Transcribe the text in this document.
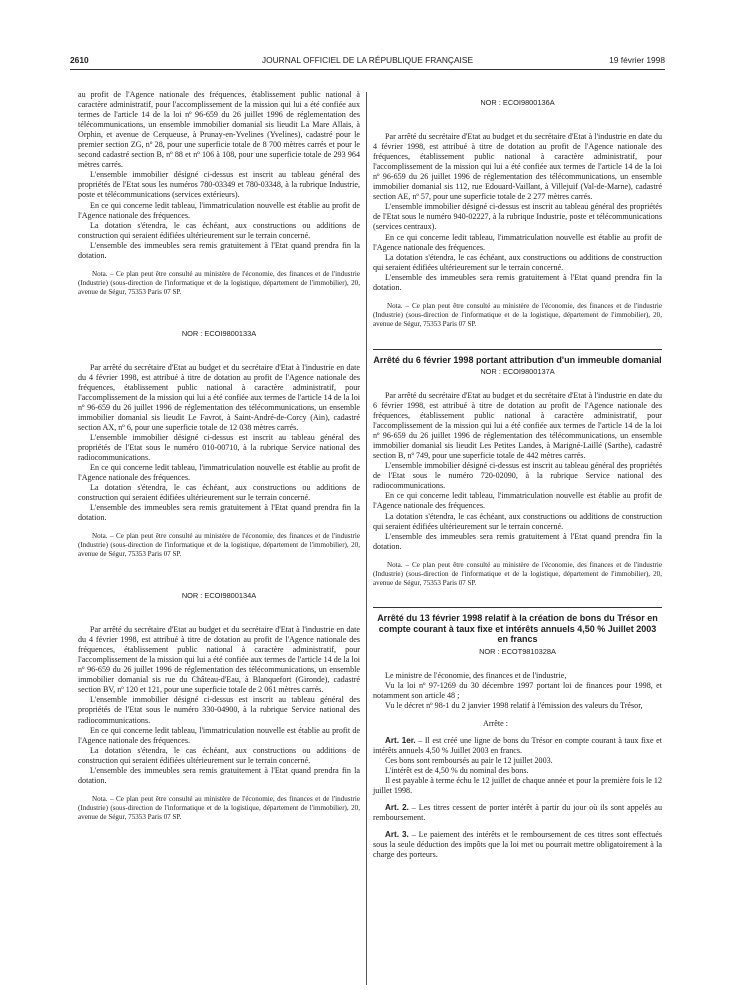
2610	JOURNAL OFFICIEL DE LA RÉPUBLIQUE FRANÇAISE	19 février 1998

au profit de l'Agence nationale des fréquences, établissement public national à caractère administratif, pour l'accomplissement de la mission qui lui a été confiée aux termes de l'article 14 de la loi nº 96-659 du 26 juillet 1996 de réglementation des télécommunications, un ensemble immobilier domanial sis lieudit La Mare Allais, à Orphin, et avenue de Cerqueuse, à Prunay-en-Yvelines (Yvelines), cadastré pour le premier section ZG, nº 28, pour une superficie totale de 8 700 mètres carrés et pour le second cadastré section B, nº 88 et nº 106 à 108, pour une superficie totale de 293 964 mètres carrés.

L'ensemble immobilier désigné ci-dessus est inscrit au tableau général des propriétés de l'Etat sous les numéros 780-03349 et 780-03348, à la rubrique Industrie, poste et télécommunications (services extérieurs).

En ce qui concerne ledit tableau, l'immatriculation nouvelle est établie au profit de l'Agence nationale des fréquences.

La dotation s'étendra, le cas échéant, aux constructions ou additions de construction qui seraient édifiées ultérieurement sur le terrain concerné.

L'ensemble des immeubles sera remis gratuitement à l'Etat quand prendra fin la dotation.

Nota. – Ce plan peut être consulté au ministère de l'économie, des finances et de l'industrie (Industrie) (sous-direction de l'informatique et de la logistique, département de l'immobilier), 20, avenue de Ségur, 75353 Paris 07 SP.

NOR : ECOI9800133A

Par arrêté du secrétaire d'Etat au budget et du secrétaire d'Etat à l'industrie en date du 4 février 1998, est attribué à titre de dotation au profit de l'Agence nationale des fréquences, établissement public national à caractère administratif, pour l'accomplissement de la mission qui lui a été confiée aux termes de l'article 14 de la loi nº 96-659 du 26 juillet 1996 de réglementation des télécommunications, un ensemble immobilier domanial sis lieudit Le Favrot, à Saint-André-de-Corcy (Ain), cadastré section AX, nº 6, pour une superficie totale de 12 038 mètres carrés.

L'ensemble immobilier désigné ci-dessus est inscrit au tableau général des propriétés de l'Etat sous le numéro 010-00710, à la rubrique Service national des radiocommunications.

En ce qui concerne ledit tableau, l'immatriculation nouvelle est établie au profit de l'Agence nationale des fréquences.

La dotation s'étendra, le cas échéant, aux constructions ou additions de construction qui seraient édifiées ultérieurement sur le terrain concerné.

L'ensemble des immeubles sera remis gratuitement à l'Etat quand prendra fin la dotation.

Nota. – Ce plan peut être consulté au ministère de l'économie, des finances et de l'industrie (Industrie) (sous-direction de l'informatique et de la logistique, département de l'immobilier), 20, avenue de Ségur, 75353 Paris 07 SP.

NOR : ECOI9800134A

Par arrêté du secrétaire d'Etat au budget et du secrétaire d'Etat à l'industrie en date du 4 février 1998, est attribué à titre de dotation au profit de l'Agence nationale des fréquences, établissement public national à caractère administratif, pour l'accomplissement de la mission qui lui a été confiée aux termes de l'article 14 de la loi nº 96-659 du 26 juillet 1996 de réglementation des télécommunications, un ensemble immobilier domanial sis rue du Château-d'Eau, à Blanquefort (Gironde), cadastré section BV, nº 120 et 121, pour une superficie totale de 2 061 mètres carrés.

L'ensemble immobilier désigné ci-dessus est inscrit au tableau général des propriétés de l'Etat sous le numéro 330-04900, à la rubrique Service national des radiocommunications.

En ce qui concerne ledit tableau, l'immatriculation nouvelle est établie au profit de l'Agence nationale des fréquences.

La dotation s'étendra, le cas échéant, aux constructions ou additions de construction qui seraient édifiées ultérieurement sur le terrain concerné.

L'ensemble des immeubles sera remis gratuitement à l'Etat quand prendra fin la dotation.

Nota. – Ce plan peut être consulté au ministère de l'économie, des finances et de l'industrie (Industrie) (sous-direction de l'informatique et de la logistique, département de l'immobilier), 20, avenue de Ségur, 75353 Paris 07 SP.

NOR : ECOI9800136A

Par arrêté du secrétaire d'Etat au budget et du secrétaire d'Etat à l'industrie en date du 4 février 1998, est attribué à titre de dotation au profit de l'Agence nationale des fréquences, établissement public national à caractère administratif, pour l'accomplissement de la mission qui lui a été confiée aux termes de l'article 14 de la loi nº 96-659 du 26 juillet 1996 de réglementation des télécommunications, un ensemble immobilier domanial sis 112, rue Edouard-Vaillant, à Villejuif (Val-de-Marne), cadastré section AE, nº 57, pour une superficie totale de 2 277 mètres carrés.

L'ensemble immobilier désigné ci-dessus est inscrit au tableau général des propriétés de l'Etat sous le numéro 940-02227, à la rubrique Industrie, poste et télécommunications (services centraux).

En ce qui concerne ledit tableau, l'immatriculation nouvelle est établie au profit de l'Agence nationale des fréquences.

La dotation s'étendra, le cas échéant, aux constructions ou additions de construction qui seraient édifiées ultérieurement sur le terrain concerné.

L'ensemble des immeubles sera remis gratuitement à l'Etat quand prendra fin la dotation.

Nota. – Ce plan peut être consulté au ministère de l'économie, des finances et de l'industrie (Industrie) (sous-direction de l'informatique et de la logistique, département de l'immobilier), 20, avenue de Ségur, 75353 Paris 07 SP.

Arrêté du 6 février 1998 portant attribution d'un immeuble domanial

NOR : ECOI9800137A

Par arrêté du secrétaire d'Etat au budget et du secrétaire d'Etat à l'industrie en date du 6 février 1998, est attribué à titre de dotation au profit de l'Agence nationale des fréquences, établissement public national à caractère administratif, pour l'accomplissement de la mission qui lui a été confiée aux termes de l'article 14 de la loi nº 96-659 du 26 juillet 1996 de réglementation des télécommunications, un ensemble immobilier domanial sis lieudit Les Petites Landes, à Marigné-Laillé (Sarthe), cadastré section B, nº 749, pour une superficie totale de 442 mètres carrés.

L'ensemble immobilier désigné ci-dessus est inscrit au tableau général des propriétés de l'Etat sous le numéro 720-02090, à la rubrique Service national des radiocommunications.

En ce qui concerne ledit tableau, l'immatriculation nouvelle est établie au profit de l'Agence nationale des fréquences.

La dotation s'étendra, le cas échéant, aux constructions ou additions de construction qui seraient édifiées ultérieurement sur le terrain concerné.

L'ensemble des immeubles sera remis gratuitement à l'Etat quand prendra fin la dotation.

Nota. – Ce plan peut être consulté au ministère de l'économie, des finances et de l'industrie (Industrie) (sous-direction de l'informatique et de la logistique, département de l'immobilier), 20, avenue de Ségur, 75353 Paris 07 SP.

Arrêté du 13 février 1998 relatif à la création de bons du Trésor en compte courant à taux fixe et intérêts annuels 4,50 % Juillet 2003 en francs

NOR : ECOT9810328A

Le ministre de l'économie, des finances et de l'industrie,

Vu la loi nº 97-1269 du 30 décembre 1997 portant loi de finances pour 1998, et notamment son article 48 ;

Vu le décret nº 98-1 du 2 janvier 1998 relatif à l'émission des valeurs du Trésor,

Arrête :

Art. 1er. – Il est créé une ligne de bons du Trésor en compte courant à taux fixe et intérêts annuels 4,50 % Juillet 2003 en francs.

Ces bons sont remboursés au pair le 12 juillet 2003.

L'intérêt est de 4,50 % du nominal des bons.

Il est payable à terme échu le 12 juillet de chaque année et pour la première fois le 12 juillet 1998.

Art. 2. – Les titres cessent de porter intérêt à partir du jour où ils sont appelés au remboursement.

Art. 3. – Le paiement des intérêts et le remboursement de ces titres sont effectués sous la seule déduction des impôts que la loi met ou pourrait mettre obligatoirement à la charge des porteurs.
